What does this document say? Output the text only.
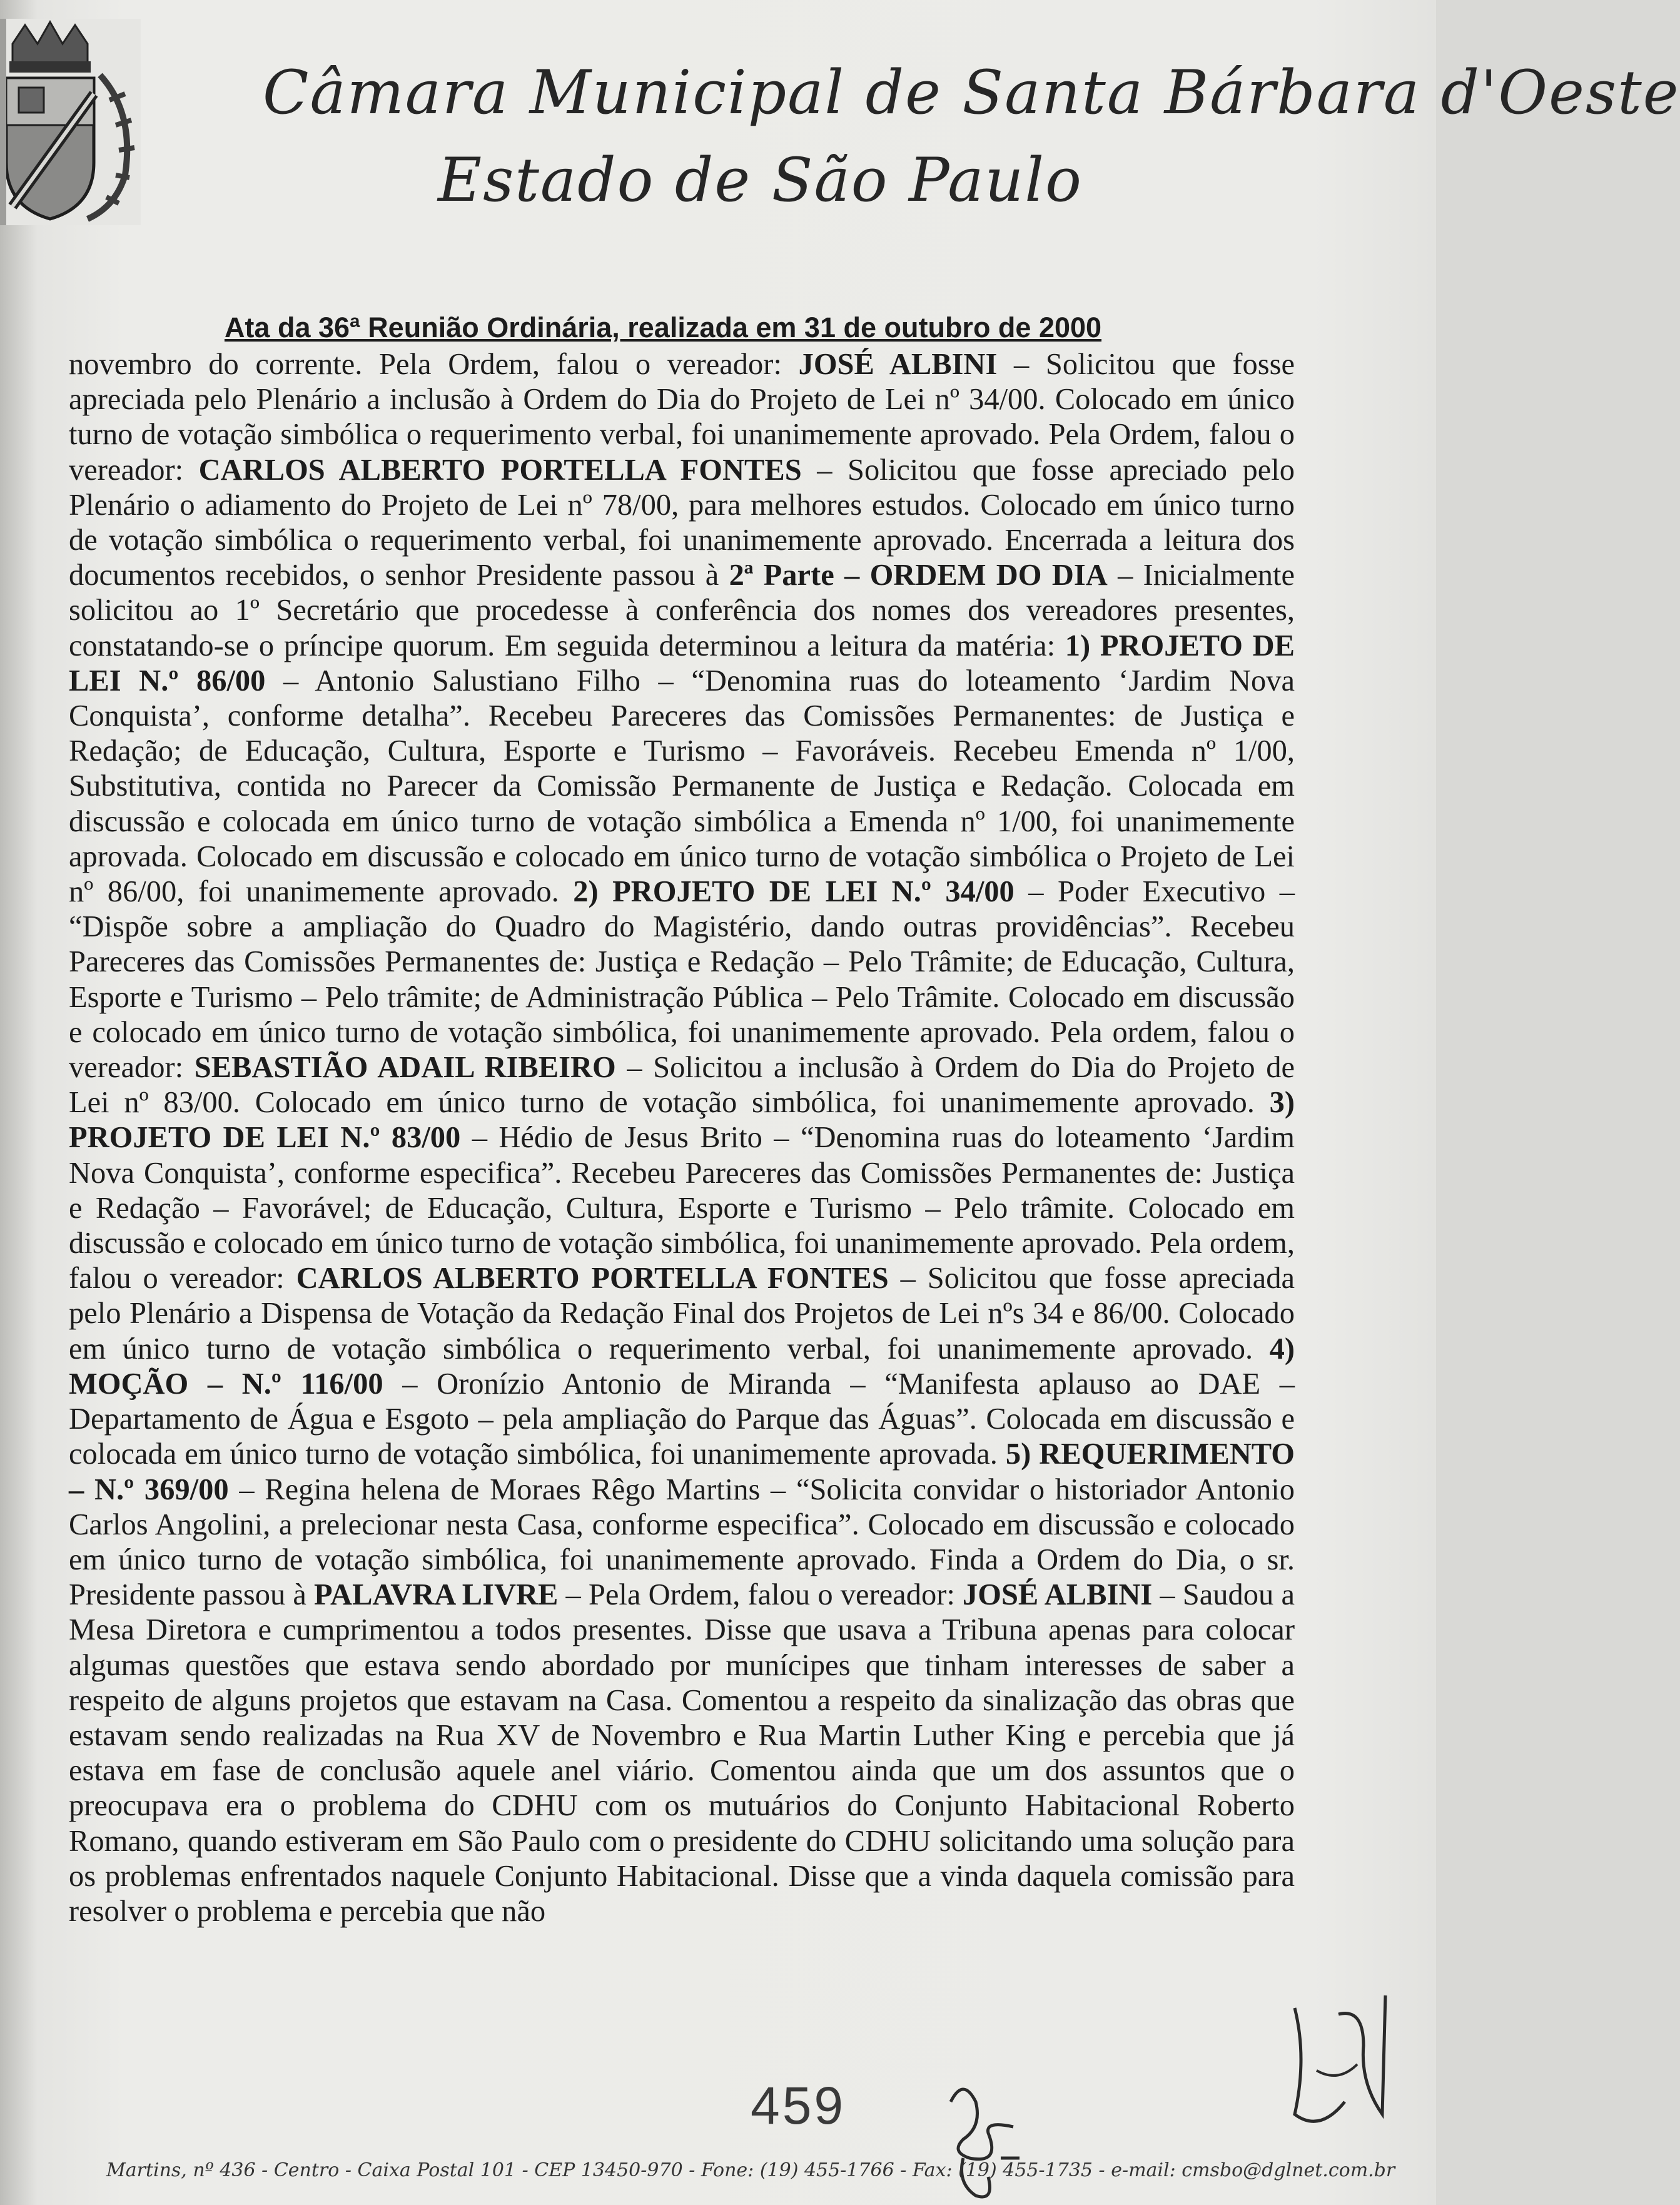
Câmara Municipal de Santa Bárbara d'Oeste
Estado de São Paulo
Ata da 36ª Reunião Ordinária, realizada em 31 de outubro de 2000
novembro do corrente. Pela Ordem, falou o vereador: JOSÉ ALBINI – Solicitou que fosse apreciada pelo Plenário a inclusão à Ordem do Dia do Projeto de Lei nº 34/00. Colocado em único turno de votação simbólica o requerimento verbal, foi unanimemente aprovado. Pela Ordem, falou o vereador: CARLOS ALBERTO PORTELLA FONTES – Solicitou que fosse apreciado pelo Plenário o adiamento do Projeto de Lei nº 78/00, para melhores estudos. Colocado em único turno de votação simbólica o requerimento verbal, foi unanimemente aprovado. Encerrada a leitura dos documentos recebidos, o senhor Presidente passou à 2ª Parte – ORDEM DO DIA – Inicialmente solicitou ao 1º Secretário que procedesse à conferência dos nomes dos vereadores presentes, constatando-se o príncipe quorum. Em seguida determinou a leitura da matéria: 1) PROJETO DE LEI N.º 86/00 – Antonio Salustiano Filho – “Denomina ruas do loteamento ‘Jardim Nova Conquista’, conforme detalha”. Recebeu Pareceres das Comissões Permanentes: de Justiça e Redação; de Educação, Cultura, Esporte e Turismo – Favoráveis. Recebeu Emenda nº 1/00, Substitutiva, contida no Parecer da Comissão Permanente de Justiça e Redação. Colocada em discussão e colocada em único turno de votação simbólica a Emenda nº 1/00, foi unanimemente aprovada. Colocado em discussão e colocado em único turno de votação simbólica o Projeto de Lei nº 86/00, foi unanimemente aprovado. 2) PROJETO DE LEI N.º 34/00 – Poder Executivo – “Dispõe sobre a ampliação do Quadro do Magistério, dando outras providências”. Recebeu Pareceres das Comissões Permanentes de: Justiça e Redação – Pelo Trâmite; de Educação, Cultura, Esporte e Turismo – Pelo trâmite; de Administração Pública – Pelo Trâmite. Colocado em discussão e colocado em único turno de votação simbólica, foi unanimemente aprovado. Pela ordem, falou o vereador: SEBASTIÃO ADAIL RIBEIRO – Solicitou a inclusão à Ordem do Dia do Projeto de Lei nº 83/00. Colocado em único turno de votação simbólica, foi unanimemente aprovado. 3) PROJETO DE LEI N.º 83/00 – Hédio de Jesus Brito – “Denomina ruas do loteamento ‘Jardim Nova Conquista’, conforme especifica”. Recebeu Pareceres das Comissões Permanentes de: Justiça e Redação – Favorável; de Educação, Cultura, Esporte e Turismo – Pelo trâmite. Colocado em discussão e colocado em único turno de votação simbólica, foi unanimemente aprovado. Pela ordem, falou o vereador: CARLOS ALBERTO PORTELLA FONTES – Solicitou que fosse apreciada pelo Plenário a Dispensa de Votação da Redação Final dos Projetos de Lei nºs 34 e 86/00. Colocado em único turno de votação simbólica o requerimento verbal, foi unanimemente aprovado. 4) MOÇÃO – N.º 116/00 – Oronízio Antonio de Miranda – “Manifesta aplauso ao DAE – Departamento de Água e Esgoto – pela ampliação do Parque das Águas”. Colocada em discussão e colocada em único turno de votação simbólica, foi unanimemente aprovada. 5) REQUERIMENTO – N.º 369/00 – Regina helena de Moraes Rêgo Martins – “Solicita convidar o historiador Antonio Carlos Angolini, a prelecionar nesta Casa, conforme especifica”. Colocado em discussão e colocado em único turno de votação simbólica, foi unanimemente aprovado. Finda a Ordem do Dia, o sr. Presidente passou à PALAVRA LIVRE – Pela Ordem, falou o vereador: JOSÉ ALBINI – Saudou a Mesa Diretora e cumprimentou a todos presentes. Disse que usava a Tribuna apenas para colocar algumas questões que estava sendo abordado por munícipes que tinham interesses de saber a respeito de alguns projetos que estavam na Casa. Comentou a respeito da sinalização das obras que estavam sendo realizadas na Rua XV de Novembro e Rua Martin Luther King e percebia que já estava em fase de conclusão aquele anel viário. Comentou ainda que um dos assuntos que o preocupava era o problema do CDHU com os mutuários do Conjunto Habitacional Roberto Romano, quando estiveram em São Paulo com o presidente do CDHU solicitando uma solução para os problemas enfrentados naquele Conjunto Habitacional. Disse que a vinda daquela comissão para resolver o problema e percebia que não
459
Martins, nº 436 - Centro - Caixa Postal 101 - CEP 13450-970 - Fone: (19) 455-1766 - Fax: (19) 455-1735 - e-mail: cmsbo@dglnet.com.br
